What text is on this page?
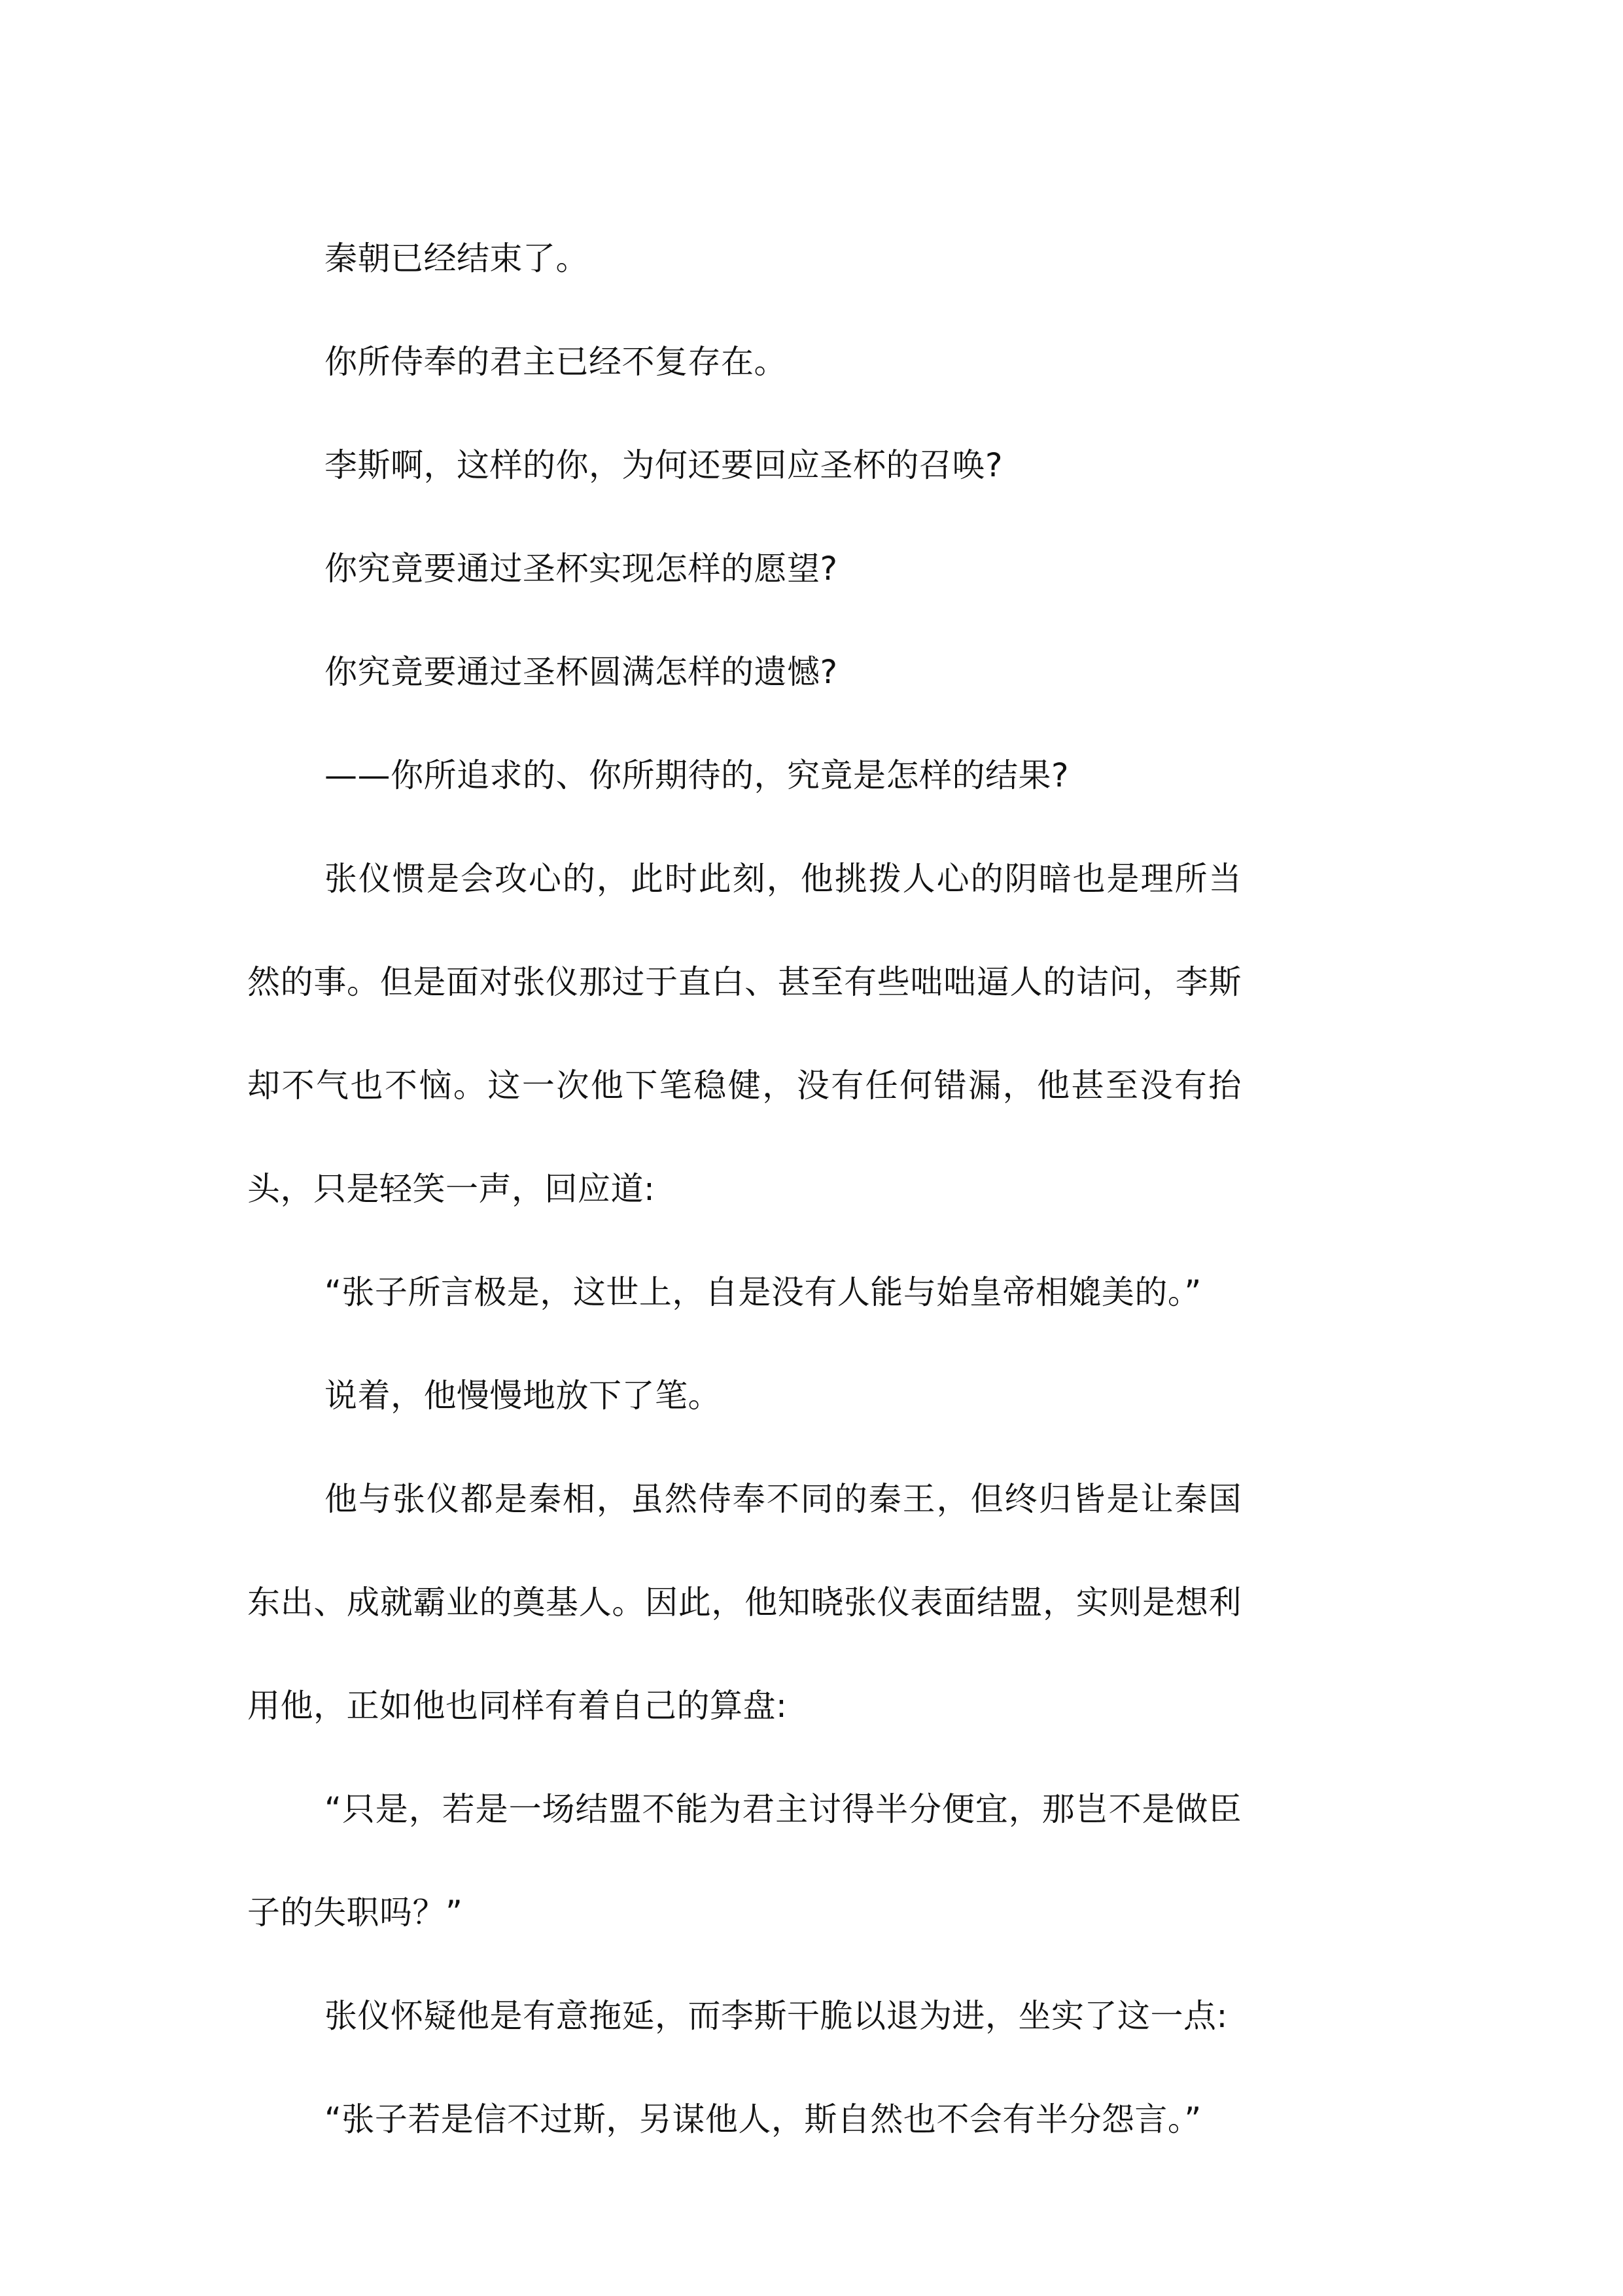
秦朝已经结束了。

你所侍奉的君主已经不复存在。

李斯啊，这样的你，为何还要回应圣杯的召唤?

你究竟要通过圣杯实现怎样的愿望?

你究竟要通过圣杯圆满怎样的遗憾?

——你所追求的、你所期待的，究竟是怎样的结果?

张仪惯是会攻心的，此时此刻，他挑拨人心的阴暗也是理所当然的事。但是面对张仪那过于直白、甚至有些咄咄逼人的诘问，李斯却不气也不恼。这一次他下笔稳健，没有任何错漏，他甚至没有抬头，只是轻笑一声，回应道:

“张子所言极是，这世上，自是没有人能与始皇帝相媲美的。”

说着，他慢慢地放下了笔。

他与张仪都是秦相，虽然侍奉不同的秦王，但终归皆是让秦国东出、成就霸业的奠基人。因此，他知晓张仪表面结盟，实则是想利用他，正如他也同样有着自己的算盘:

“只是，若是一场结盟不能为君主讨得半分便宜，那岂不是做臣子的失职吗？”

张仪怀疑他是有意拖延，而李斯干脆以退为进，坐实了这一点:

“张子若是信不过斯，另谋他人，斯自然也不会有半分怨言。”
